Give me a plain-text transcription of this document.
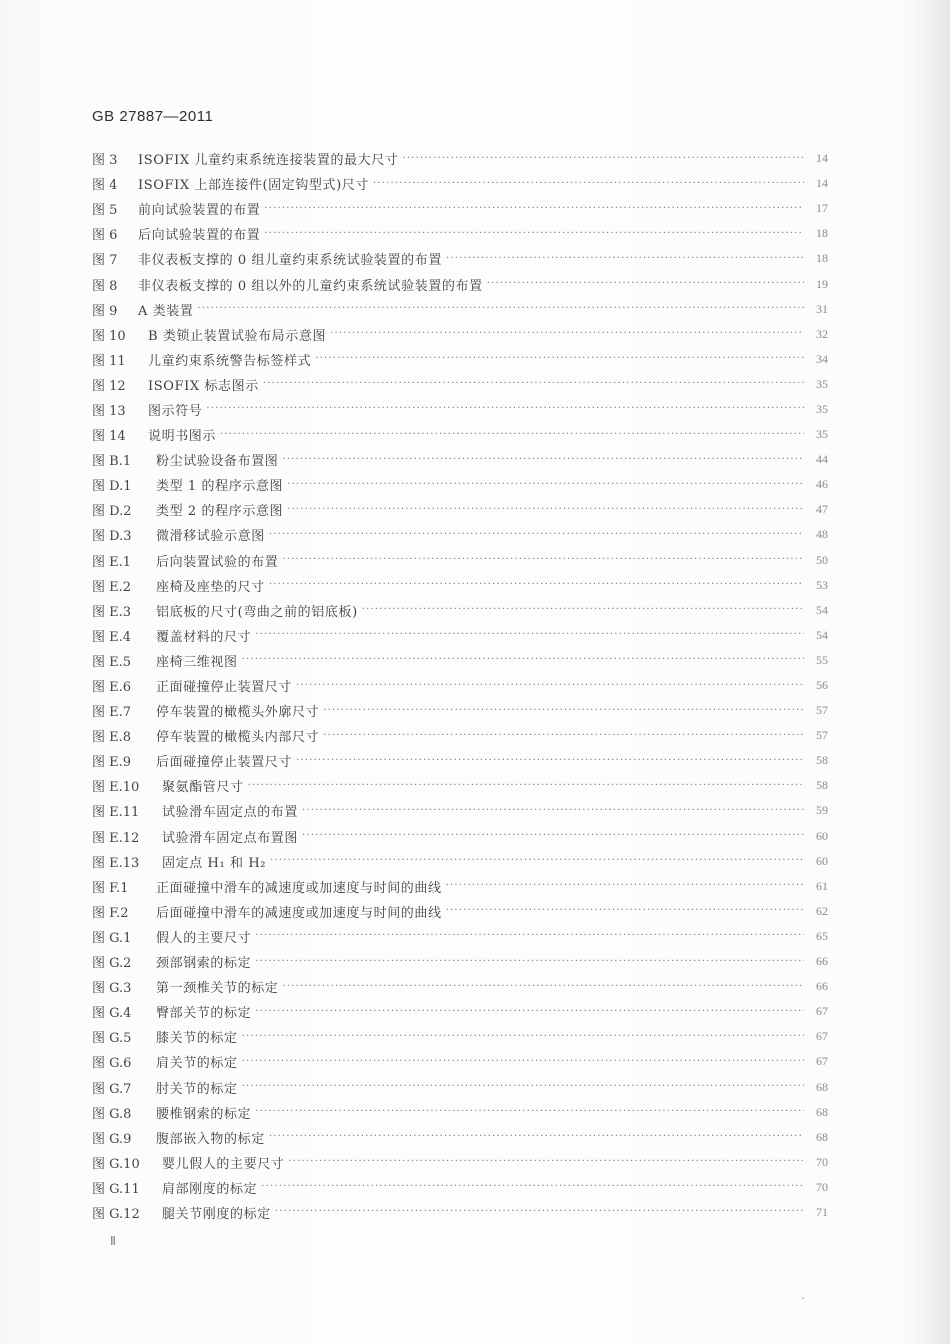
GB 27887—2011
图 3	ISOFIX 儿童约束系统连接装置的最大尺寸 ·····	14
图 4	ISOFIX 上部连接件(固定钩型式)尺寸 ·····	14
图 5	前向试验装置的布置 ·····	17
图 6	后向试验装置的布置 ·····	18
图 7	非仪表板支撑的 0 组儿童约束系统试验装置的布置 ·····	18
图 8	非仪表板支撑的 0 组以外的儿童约束系统试验装置的布置 ·····	19
图 9	A 类装置 ·····	31
图 10	B 类锁止装置试验布局示意图 ·····	32
图 11	儿童约束系统警告标签样式 ·····	34
图 12	ISOFIX 标志图示 ·····	35
图 13	图示符号 ·····	35
图 14	说明书图示 ·····	35
图 B.1	粉尘试验设备布置图 ·····	44
图 D.1	类型 1 的程序示意图 ·····	46
图 D.2	类型 2 的程序示意图 ·····	47
图 D.3	微滑移试验示意图 ·····	48
图 E.1	后向装置试验的布置 ·····	50
图 E.2	座椅及座垫的尺寸 ·····	53
图 E.3	铝底板的尺寸(弯曲之前的铝底板) ·····	54
图 E.4	覆盖材料的尺寸 ·····	54
图 E.5	座椅三维视图 ·····	55
图 E.6	正面碰撞停止装置尺寸 ·····	56
图 E.7	停车装置的橄榄头外廓尺寸 ·····	57
图 E.8	停车装置的橄榄头内部尺寸 ·····	57
图 E.9	后面碰撞停止装置尺寸 ·····	58
图 E.10	聚氨酯管尺寸 ·····	58
图 E.11	试验滑车固定点的布置 ·····	59
图 E.12	试验滑车固定点布置图 ·····	60
图 E.13	固定点 H₁ 和 H₂ ·····	60
图 F.1	正面碰撞中滑车的减速度或加速度与时间的曲线 ·····	61
图 F.2	后面碰撞中滑车的减速度或加速度与时间的曲线 ·····	62
图 G.1	假人的主要尺寸 ·····	65
图 G.2	颈部钢索的标定 ·····	66
图 G.3	第一颈椎关节的标定 ·····	66
图 G.4	臀部关节的标定 ·····	67
图 G.5	膝关节的标定 ·····	67
图 G.6	肩关节的标定 ·····	67
图 G.7	肘关节的标定 ·····	68
图 G.8	腰椎钢索的标定 ·····	68
图 G.9	腹部嵌入物的标定 ·····	68
图 G.10	婴儿假人的主要尺寸 ·····	70
图 G.11	肩部刚度的标定 ·····	70
图 G.12	腿关节刚度的标定 ·····	71
Ⅱ
